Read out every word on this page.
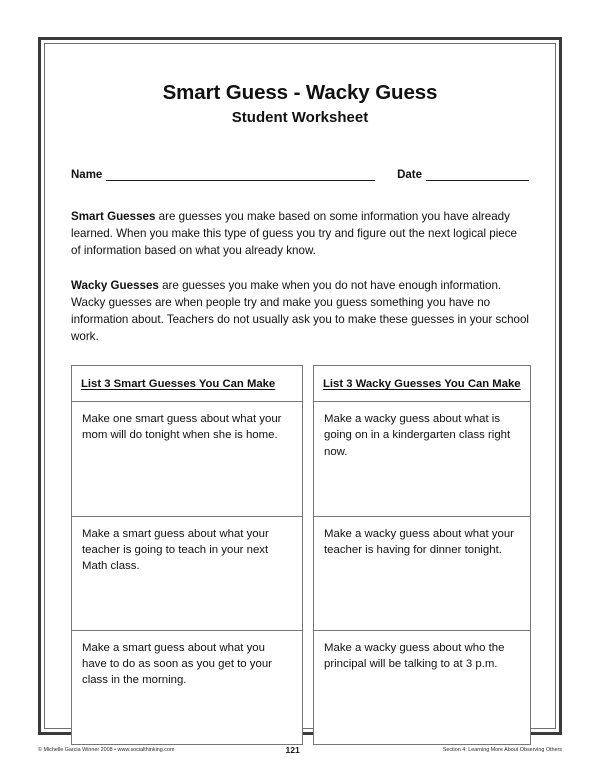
Smart Guess - Wacky Guess
Student Worksheet
Name	Date

Smart Guesses are guesses you make based on some information you have already learned. When you make this type of guess you try and figure out the next logical piece of information based on what you already know.

Wacky Guesses are guesses you make when you do not have enough information. Wacky guesses are when people try and make you guess something you have no information about. Teachers do not usually ask you to make these guesses in your school work.

List 3 Smart Guesses You Can Make
Make one smart guess about what your mom will do tonight when she is home.
Make a smart guess about what your teacher is going to teach in your next Math class.
Make a smart guess about what you have to do as soon as you get to your class in the morning.
List 3 Wacky Guesses You Can Make
Make a wacky guess about what is going on in a kindergarten class right now.
Make a wacky guess about what your teacher is having for dinner tonight.
Make a wacky guess about who the principal will be talking to at 3 p.m.
© Michelle Garcia Winner 2008 • www.socialthinking.com	121	Section 4: Learning More About Observing Others
